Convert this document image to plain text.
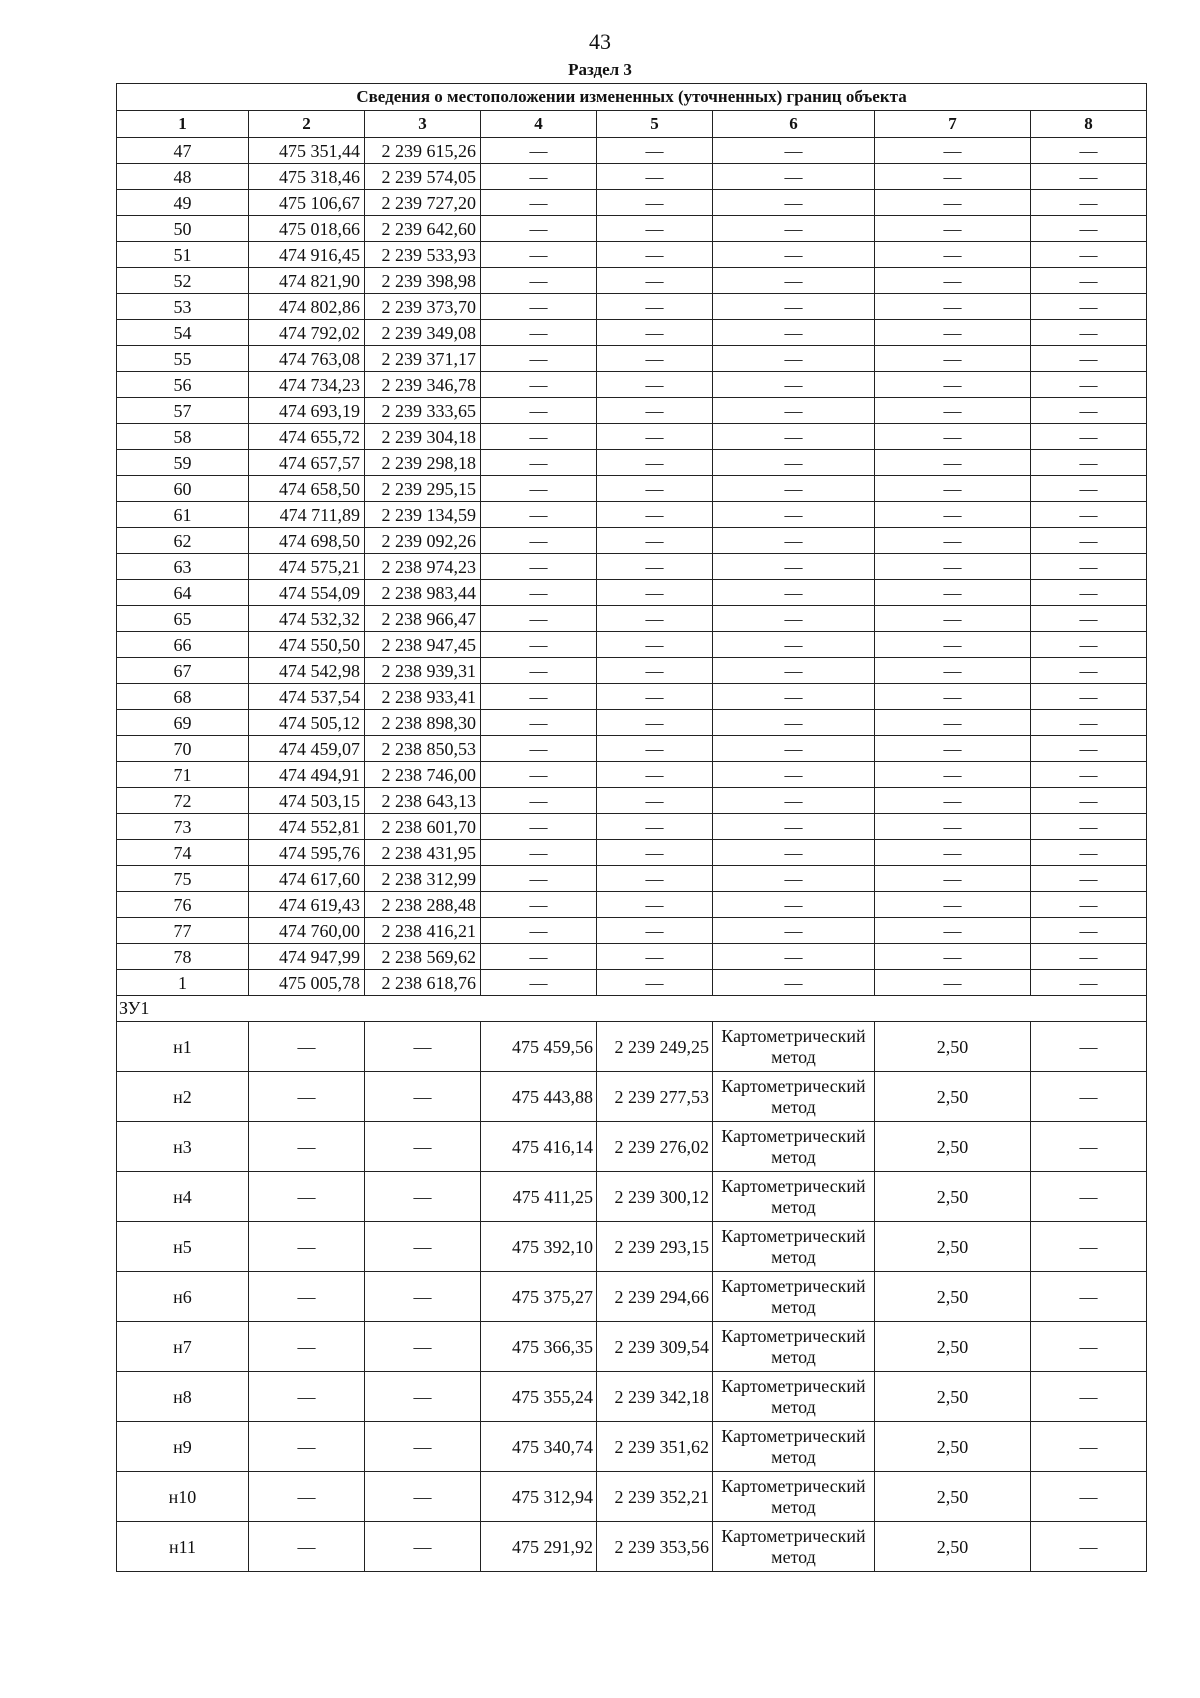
43
Раздел 3
Сведения о местоположении измененных (уточненных) границ объекта							
1	2	3	4	5	6	7	8
47	475 351,44	2 239 615,26	—	—	—	—	—
48	475 318,46	2 239 574,05	—	—	—	—	—
49	475 106,67	2 239 727,20	—	—	—	—	—
50	475 018,66	2 239 642,60	—	—	—	—	—
51	474 916,45	2 239 533,93	—	—	—	—	—
52	474 821,90	2 239 398,98	—	—	—	—	—
53	474 802,86	2 239 373,70	—	—	—	—	—
54	474 792,02	2 239 349,08	—	—	—	—	—
55	474 763,08	2 239 371,17	—	—	—	—	—
56	474 734,23	2 239 346,78	—	—	—	—	—
57	474 693,19	2 239 333,65	—	—	—	—	—
58	474 655,72	2 239 304,18	—	—	—	—	—
59	474 657,57	2 239 298,18	—	—	—	—	—
60	474 658,50	2 239 295,15	—	—	—	—	—
61	474 711,89	2 239 134,59	—	—	—	—	—
62	474 698,50	2 239 092,26	—	—	—	—	—
63	474 575,21	2 238 974,23	—	—	—	—	—
64	474 554,09	2 238 983,44	—	—	—	—	—
65	474 532,32	2 238 966,47	—	—	—	—	—
66	474 550,50	2 238 947,45	—	—	—	—	—
67	474 542,98	2 238 939,31	—	—	—	—	—
68	474 537,54	2 238 933,41	—	—	—	—	—
69	474 505,12	2 238 898,30	—	—	—	—	—
70	474 459,07	2 238 850,53	—	—	—	—	—
71	474 494,91	2 238 746,00	—	—	—	—	—
72	474 503,15	2 238 643,13	—	—	—	—	—
73	474 552,81	2 238 601,70	—	—	—	—	—
74	474 595,76	2 238 431,95	—	—	—	—	—
75	474 617,60	2 238 312,99	—	—	—	—	—
76	474 619,43	2 238 288,48	—	—	—	—	—
77	474 760,00	2 238 416,21	—	—	—	—	—
78	474 947,99	2 238 569,62	—	—	—	—	—
1	475 005,78	2 238 618,76	—	—	—	—	—
ЗУ1							
н1	—	—	475 459,56	2 239 249,25	Картометрический метод	2,50	—
н2	—	—	475 443,88	2 239 277,53	Картометрический метод	2,50	—
н3	—	—	475 416,14	2 239 276,02	Картометрический метод	2,50	—
н4	—	—	475 411,25	2 239 300,12	Картометрический метод	2,50	—
н5	—	—	475 392,10	2 239 293,15	Картометрический метод	2,50	—
н6	—	—	475 375,27	2 239 294,66	Картометрический метод	2,50	—
н7	—	—	475 366,35	2 239 309,54	Картометрический метод	2,50	—
н8	—	—	475 355,24	2 239 342,18	Картометрический метод	2,50	—
н9	—	—	475 340,74	2 239 351,62	Картометрический метод	2,50	—
н10	—	—	475 312,94	2 239 352,21	Картометрический метод	2,50	—
н11	—	—	475 291,92	2 239 353,56	Картометрический метод	2,50	—
